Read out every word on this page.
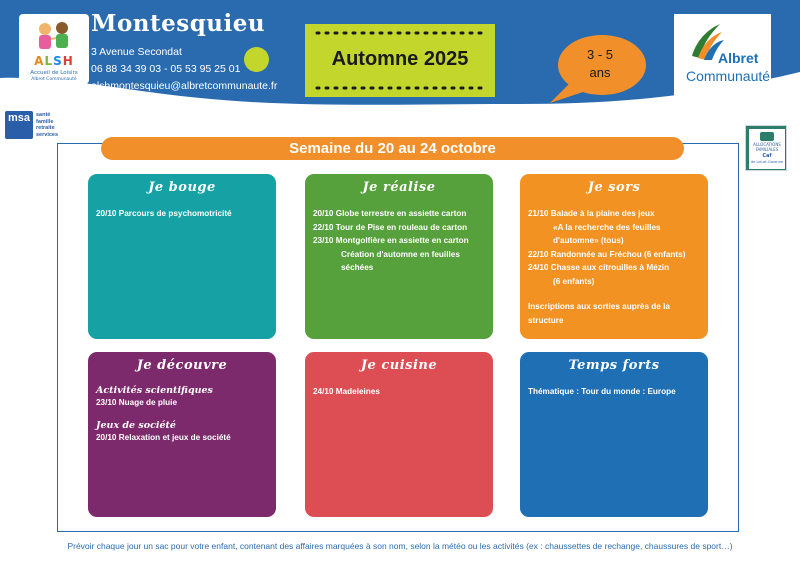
ALSH
Accueil de Loisirs
Albret Communauté
Montesquieu
3 Avenue Secondat
06 88 34 39 03 - 05 53 95 25 01
alshmontesquieu@albretcommunaute.fr
Automne 2025	3 - 5
ans
Albret
Communauté
msa	santé
famille
retraite
services
ALLOCATIONS FAMILIALES
Caf
de Lot-et-Garonne
Semaine du 20 au 24 octobre
Je bouge
20/10 Parcours de psychomotricité
Je réalise
20/10 Globe terrestre en assiette carton
22/10 Tour de Pise en rouleau de carton
23/10 Montgolfière en assiette en carton
Création d'automne en feuilles
séchées
Je sors
21/10 Balade à la plaine des jeux
«A la recherche des feuilles
d'automne» (tous)
22/10 Randonnée au Fréchou (6 enfants)
24/10 Chasse aux citrouilles à Mézin
(6 enfants)
Inscriptions aux sorties auprès de la
structure
Je découvre
Activités scientifiques
23/10 Nuage de pluie
Jeux de société
20/10 Relaxation et jeux de société
Je cuisine
24/10 Madeleines
Temps forts
Thématique : Tour du monde : Europe
Prévoir chaque jour un sac pour votre enfant, contenant des affaires marquées à son nom, selon la météo ou les activités (ex : chaussettes de rechange, chaussures de sport…)
